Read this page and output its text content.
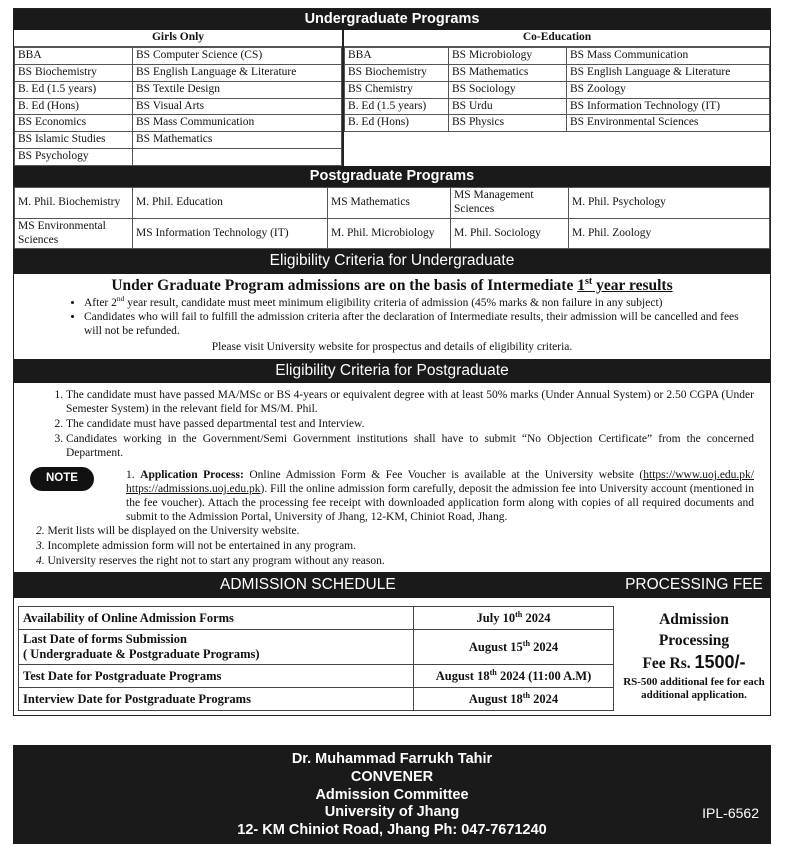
Undergraduate Programs
Girls Only
BBA	BS Computer Science (CS)
BS Biochemistry	BS English Language & Literature
B. Ed (1.5 years)	BS Textile Design
B. Ed (Hons)	BS Visual Arts
BS Economics	BS Mass Communication
BS Islamic Studies	BS Mathematics
BS Psychology	
Co-Education
BBA	BS Microbiology	BS Mass Communication
BS Biochemistry	BS Mathematics	BS English Language & Literature
BS Chemistry	BS Sociology	BS Zoology
B. Ed (1.5 years)	BS Urdu	BS Information Technology (IT)
B. Ed (Hons)	BS Physics	BS Environmental Sciences
Postgraduate Programs
M. Phil. Biochemistry	M. Phil. Education	MS Mathematics	MS Management Sciences	M. Phil. Psychology
MS Environmental Sciences	MS Information Technology (IT)	M. Phil. Microbiology	M. Phil. Sociology	M. Phil. Zoology
Eligibility Criteria for Undergraduate
Under Graduate Program admissions are on the basis of Intermediate 1st year results
• After 2nd year result, candidate must meet minimum eligibility criteria of admission (45% marks & non failure in any subject)
• Candidates who will fail to fulfill the admission criteria after the declaration of Intermediate results, their admission will be cancelled and fees will not be refunded.
Please visit University website for prospectus and details of eligibility criteria.
Eligibility Criteria for Postgraduate
1. The candidate must have passed MA/MSc or BS 4-years or equivalent degree with at least 50% marks (Under Annual System) or 2.50 CGPA (Under Semester System) in the relevant field for MS/M. Phil.
2. The candidate must have passed departmental test and Interview.
3. Candidates working in the Government/Semi Government institutions shall have to submit “No Objection Certificate” from the concerned Department.
NOTE	1. Application Process: Online Admission Form & Fee Voucher is available at the University website (https://www.uoj.edu.pk/ https://admissions.uoj.edu.pk). Fill the online admission form carefully, deposit the admission fee into University account (mentioned in the fee voucher). Attach the processing fee receipt with downloaded application form along with copies of all required documents and submit to the Admission Portal, University of Jhang, 12-KM, Chiniot Road, Jhang.
2. Merit lists will be displayed on the University website.
3. Incomplete admission form will not be entertained in any program.
4. University reserves the right not to start any program without any reason.
ADMISSION SCHEDULE	PROCESSING FEE
Availability of Online Admission Forms	July 10th 2024

Last Date of forms Submission
( Undergraduate & Postgraduate Programs)	August 15th 2024

Test Date for Postgraduate Programs	August 18th 2024 (11:00 A.M)

Interview Date for Postgraduate Programs	August 18th 2024
Admission
Processing
Fee Rs. 1500/-
RS-500 additional fee for each additional application.
Dr. Muhammad Farrukh Tahir
CONVENER
Admission Committee
University of Jhang
12- KM Chiniot Road, Jhang Ph: 047-7671240
IPL-6562
